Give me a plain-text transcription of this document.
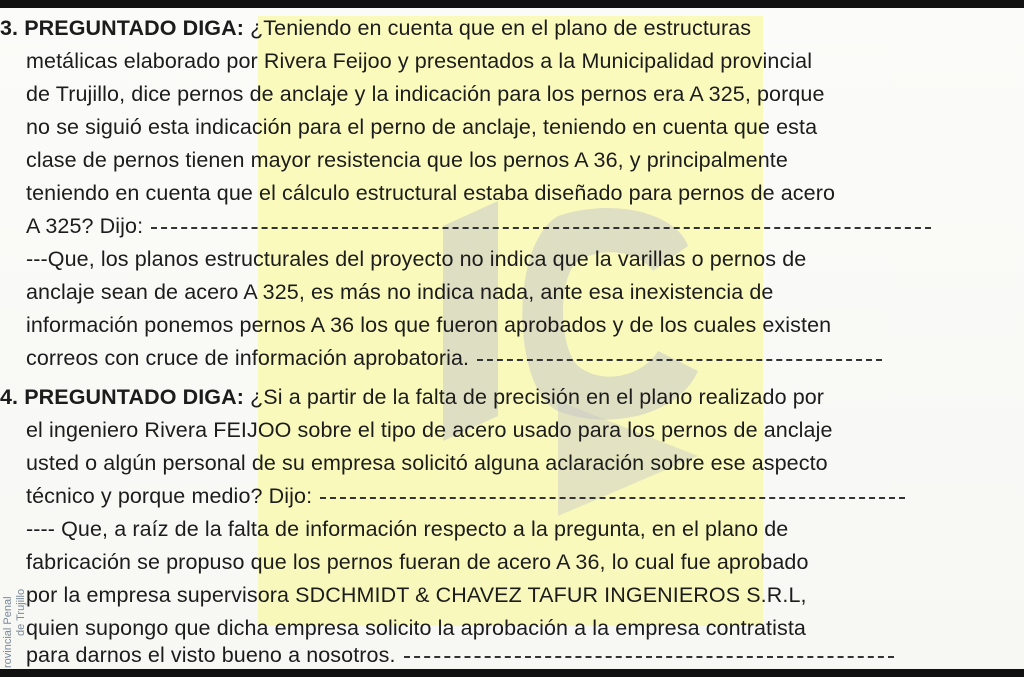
3. PREGUNTADO DIGA: ¿Teniendo en cuenta que en el plano de estructuras
metálicas elaborado por Rivera Feijoo y presentados a la Municipalidad provincial
de Trujillo, dice pernos de anclaje y la indicación para los pernos era A 325, porque
no se siguió esta indicación para el perno de anclaje, teniendo en cuenta que esta
clase de pernos tienen mayor resistencia que los pernos A 36, y principalmente
teniendo en cuenta que el cálculo estructural estaba diseñado para pernos de acero
A 325? Dijo:
---Que, los planos estructurales del proyecto no indica que la varillas o pernos de
anclaje sean de acero A 325, es más no indica nada, ante esa inexistencia de
información ponemos pernos A 36 los que fueron aprobados y de los cuales existen
correos con cruce de información aprobatoria.
4. PREGUNTADO DIGA: ¿Si a partir de la falta de precisión en el plano realizado por
el ingeniero Rivera FEIJOO sobre el tipo de acero usado para los pernos de anclaje
usted o algún personal de su empresa solicitó alguna aclaración sobre ese aspecto
técnico y porque medio? Dijo:
---- Que, a raíz de la falta de información respecto a la pregunta, en el plano de
fabricación se propuso que los pernos fueran de acero A 36, lo cual fue aprobado
por la empresa supervisora SDCHMIDT & CHAVEZ TAFUR INGENIEROS S.R.L,
quien supongo que dicha empresa solicito la aprobación a la empresa contratista
para darnos el visto bueno a nosotros.
rovincial Penal de Trujillo
